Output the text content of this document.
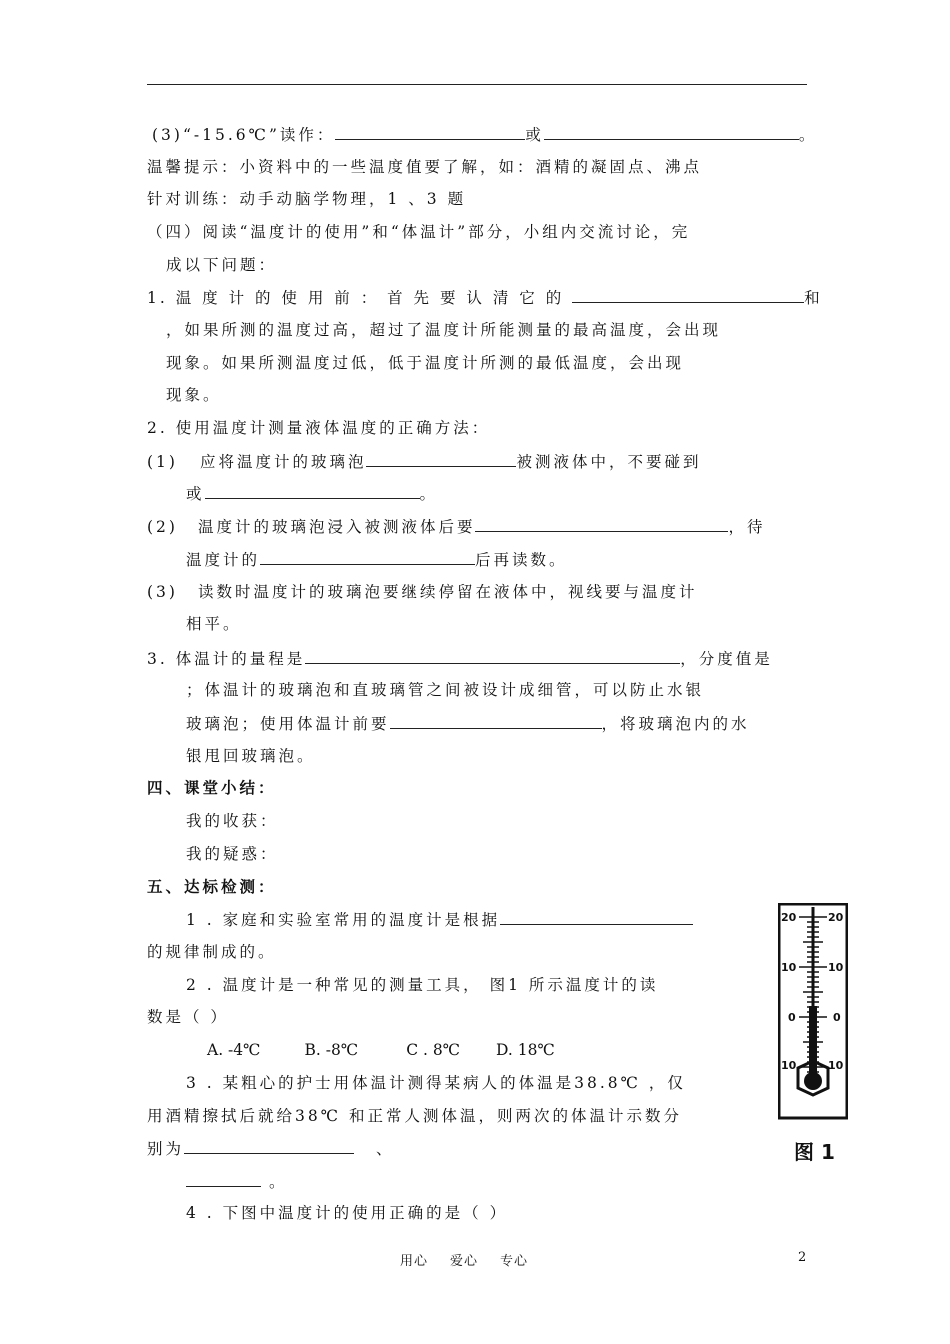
(3)“-15.6℃”读作：	或	。
温馨提示：小资料中的一些温度值要了解，如：酒精的凝固点、沸点
针对训练：动手动脑学物理，1 、3 题
（四）阅读“温度计的使用”和“体温计”部分，小组内交流讨论，完
成以下问题：
1. 温 度 计 的 使 用 前 ： 首 先 要 认 清 它 的	和
，如果所测的温度过高，超过了温度计所能测量的最高温度，会出现
现象。如果所测温度过低，低于温度计所测的最低温度，会出现
现象。
2. 使用温度计测量液体温度的正确方法：
(1) 应将温度计的玻璃泡	被测液体中，不要碰到
或	。
(2) 温度计的玻璃泡浸入被测液体后要	，待
温度计的	后再读数。
(3) 读数时温度计的玻璃泡要继续停留在液体中，视线要与温度计
相平。
3. 体温计的量程是	，分度值是
；体温计的玻璃泡和直玻璃管之间被设计成细管，可以防止水银
玻璃泡；使用体温计前要	，将玻璃泡内的水
银甩回玻璃泡。
四、课堂小结：
我的收获：
我的疑惑：
五、达标检测：
1 . 家庭和实验室常用的温度计是根据
的规律制成的。
2 . 温度计是一种常见的测量工具， 图1 所示温度计的读
数是（ ）
A. -4℃	B. -8℃	C . 8℃ D. 18℃
3 . 某粗心的护士用体温计测得某病人的体温是38.8℃ ，仅
用酒精擦拭后就给38℃ 和正常人测体温，则两次的体温计示数分
别为	、
。
4 . 下图中温度计的使用正确的是（ ）
20	20
10	10
0	0
10	10
图 1
用心 爱心 专心	2
